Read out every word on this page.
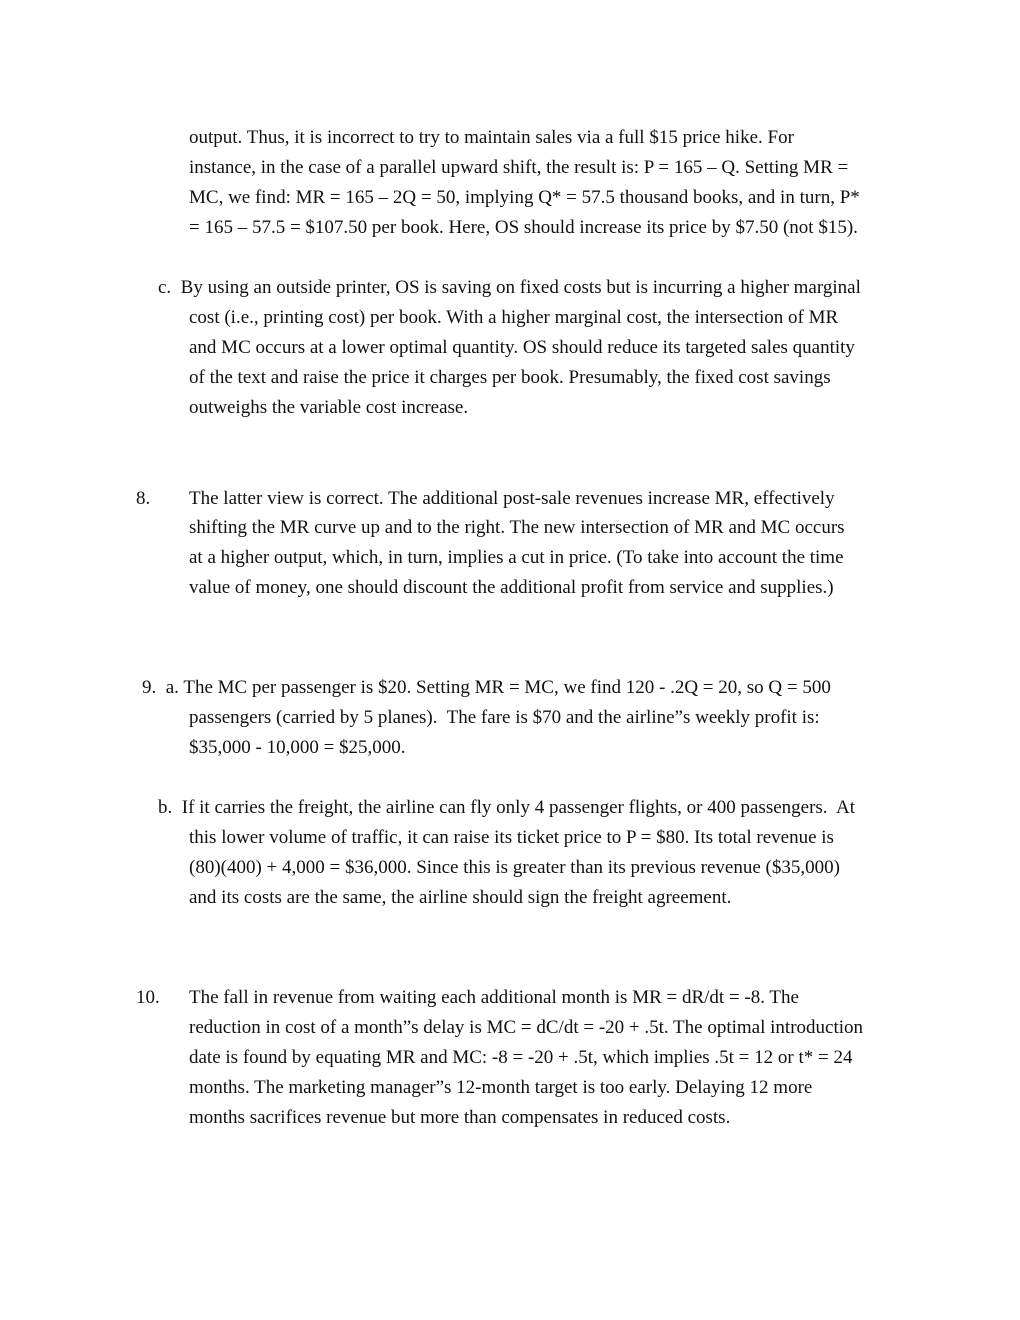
output. Thus, it is incorrect to try to maintain sales via a full $15 price hike. For
instance, in the case of a parallel upward shift, the result is: P = 165 – Q. Setting MR =
MC, we find: MR = 165 – 2Q = 50, implying Q* = 57.5 thousand books, and in turn, P*
= 165 – 57.5 = $107.50 per book. Here, OS should increase its price by $7.50 (not $15).
c.  By using an outside printer, OS is saving on fixed costs but is incurring a higher marginal
cost (i.e., printing cost) per book. With a higher marginal cost, the intersection of MR
and MC occurs at a lower optimal quantity. OS should reduce its targeted sales quantity
of the text and raise the price it charges per book. Presumably, the fixed cost savings
outweighs the variable cost increase.
8. The latter view is correct. The additional post-sale revenues increase MR, effectively
shifting the MR curve up and to the right. The new intersection of MR and MC occurs
at a higher output, which, in turn, implies a cut in price. (To take into account the time
value of money, one should discount the additional profit from service and supplies.)
9.  a. The MC per passenger is $20. Setting MR = MC, we find 120 - .2Q = 20, so Q = 500
passengers (carried by 5 planes).  The fare is $70 and the airline”s weekly profit is:
$35,000 - 10,000 = $25,000.
b.  If it carries the freight, the airline can fly only 4 passenger flights, or 400 passengers.  At
this lower volume of traffic, it can raise its ticket price to P = $80. Its total revenue is
(80)(400) + 4,000 = $36,000. Since this is greater than its previous revenue ($35,000)
and its costs are the same, the airline should sign the freight agreement.
10. The fall in revenue from waiting each additional month is MR = dR/dt = -8. The
reduction in cost of a month”s delay is MC = dC/dt = -20 + .5t. The optimal introduction
date is found by equating MR and MC: -8 = -20 + .5t, which implies .5t = 12 or t* = 24
months. The marketing manager”s 12-month target is too early. Delaying 12 more
months sacrifices revenue but more than compensates in reduced costs.
